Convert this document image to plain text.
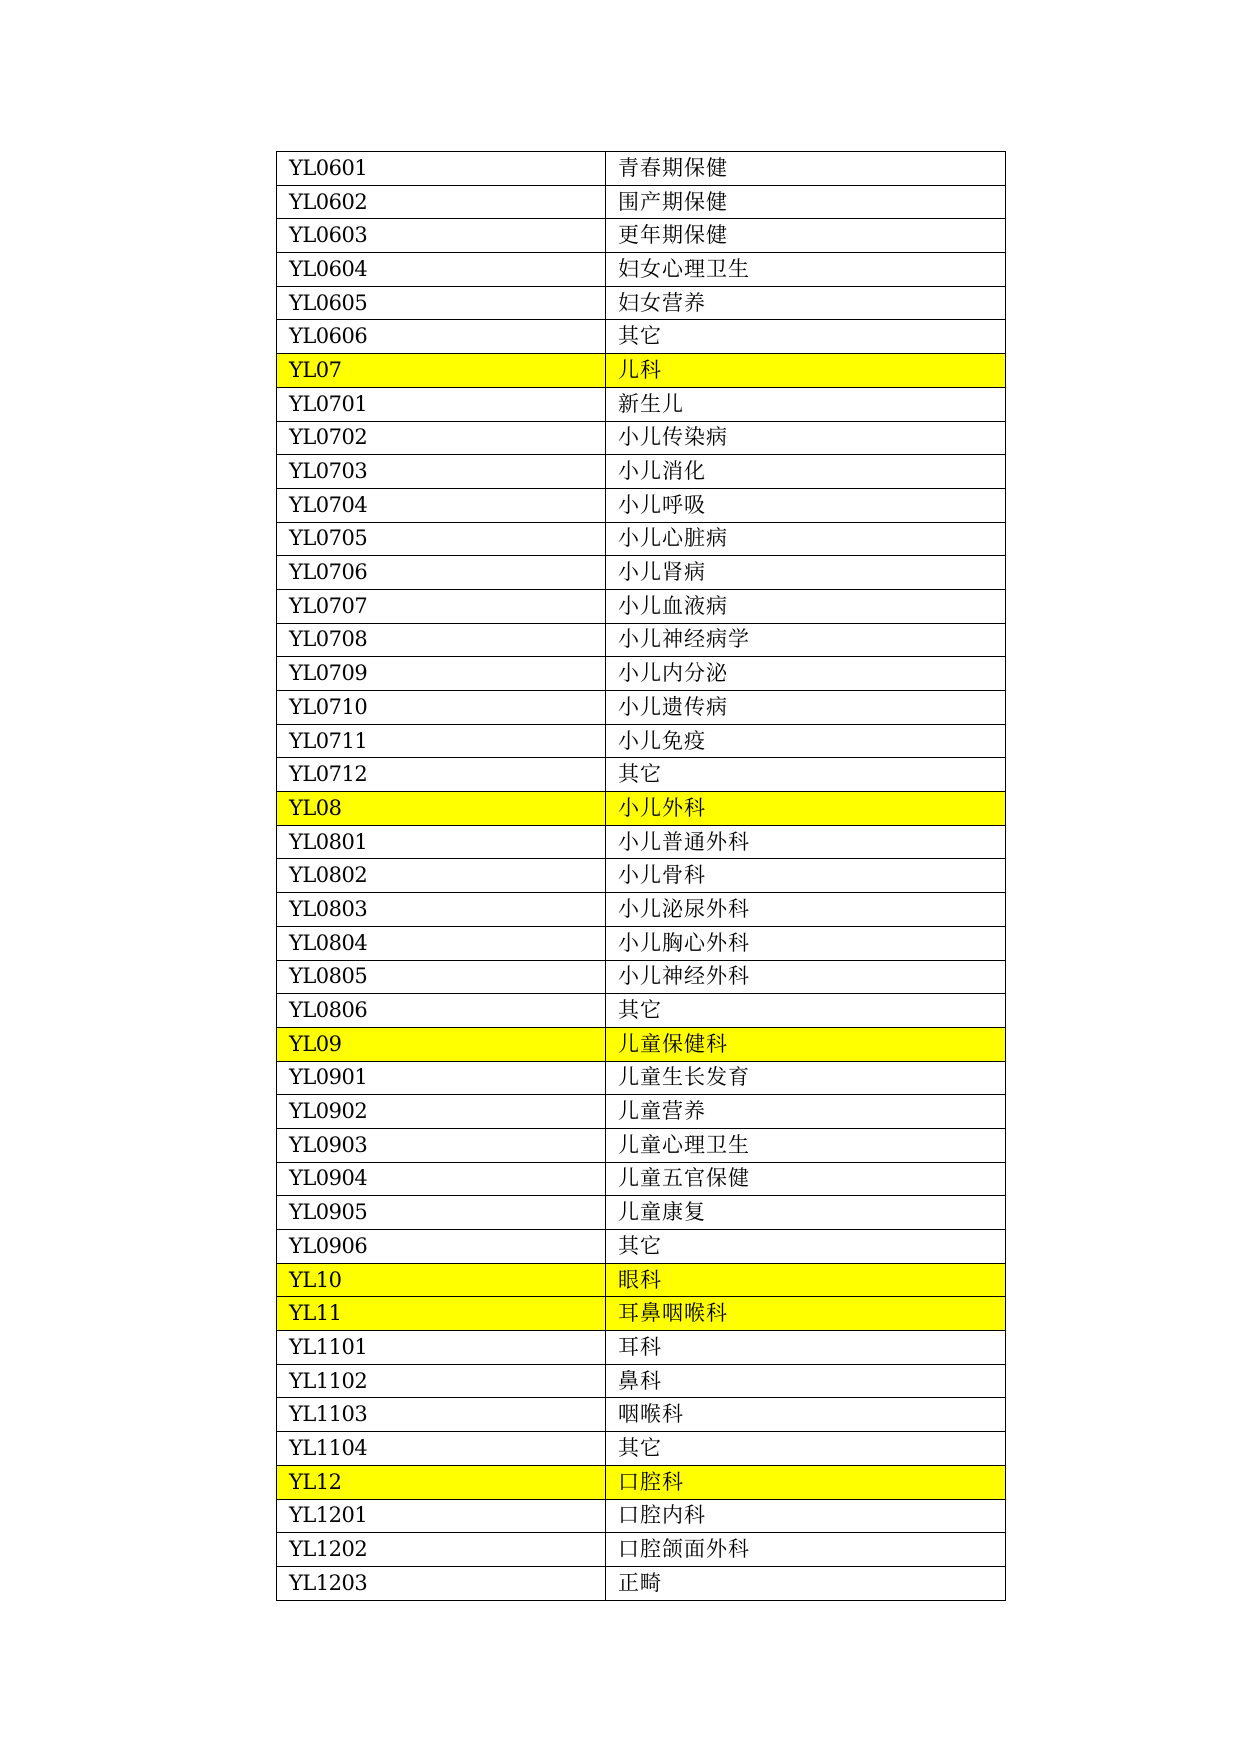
YL0601	青春期保健
YL0602	围产期保健
YL0603	更年期保健
YL0604	妇女心理卫生
YL0605	妇女营养
YL0606	其它
YL07	儿科
YL0701	新生儿
YL0702	小儿传染病
YL0703	小儿消化
YL0704	小儿呼吸
YL0705	小儿心脏病
YL0706	小儿肾病
YL0707	小儿血液病
YL0708	小儿神经病学
YL0709	小儿内分泌
YL0710	小儿遗传病
YL0711	小儿免疫
YL0712	其它
YL08	小儿外科
YL0801	小儿普通外科
YL0802	小儿骨科
YL0803	小儿泌尿外科
YL0804	小儿胸心外科
YL0805	小儿神经外科
YL0806	其它
YL09	儿童保健科
YL0901	儿童生长发育
YL0902	儿童营养
YL0903	儿童心理卫生
YL0904	儿童五官保健
YL0905	儿童康复
YL0906	其它
YL10	眼科
YL11	耳鼻咽喉科
YL1101	耳科
YL1102	鼻科
YL1103	咽喉科
YL1104	其它
YL12	口腔科
YL1201	口腔内科
YL1202	口腔颌面外科
YL1203	正畸
